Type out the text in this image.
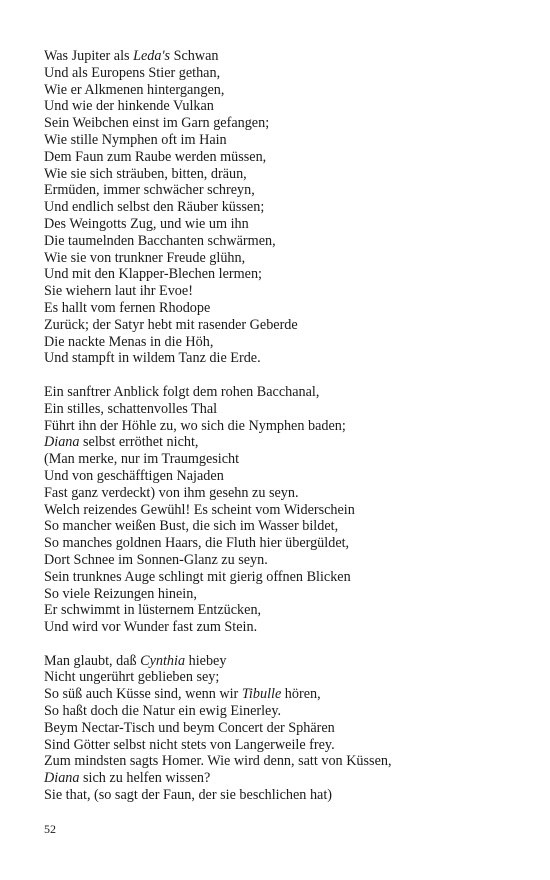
Was Jupiter als Leda's Schwan
Und als Europens Stier gethan,
Wie er Alkmenen hintergangen,
Und wie der hinkende Vulkan
Sein Weibchen einst im Garn gefangen;
Wie stille Nymphen oft im Hain
Dem Faun zum Raube werden müssen,
Wie sie sich sträuben, bitten, dräun,
Ermüden, immer schwächer schreyn,
Und endlich selbst den Räuber küssen;
Des Weingotts Zug, und wie um ihn
Die taumelnden Bacchanten schwärmen,
Wie sie von trunkner Freude glühn,
Und mit den Klapper-Blechen lermen;
Sie wiehern laut ihr Evoe!
Es hallt vom fernen Rhodope
Zurück; der Satyr hebt mit rasender Geberde
Die nackte Menas in die Höh,
Und stampft in wildem Tanz die Erde.
Ein sanftrer Anblick folgt dem rohen Bacchanal,
Ein stilles, schattenvolles Thal
Führt ihn der Höhle zu, wo sich die Nymphen baden;
Diana selbst erröthet nicht,
(Man merke, nur im Traumgesicht
Und von geschäfftigen Najaden
Fast ganz verdeckt) von ihm gesehn zu seyn.
Welch reizendes Gewühl! Es scheint vom Widerschein
So mancher weißen Bust, die sich im Wasser bildet,
So manches goldnen Haars, die Fluth hier übergüldet,
Dort Schnee im Sonnen-Glanz zu seyn.
Sein trunknes Auge schlingt mit gierig offnen Blicken
So viele Reizungen hinein,
Er schwimmt in lüsternem Entzücken,
Und wird vor Wunder fast zum Stein.
Man glaubt, daß Cynthia hiebey
Nicht ungerührt geblieben sey;
So süß auch Küsse sind, wenn wir Tibulle hören,
So haßt doch die Natur ein ewig Einerley.
Beym Nectar-Tisch und beym Concert der Sphären
Sind Götter selbst nicht stets von Langerweile frey.
Zum mindsten sagts Homer. Wie wird denn, satt von Küssen,
Diana sich zu helfen wissen?
Sie that, (so sagt der Faun, der sie beschlichen hat)
52
